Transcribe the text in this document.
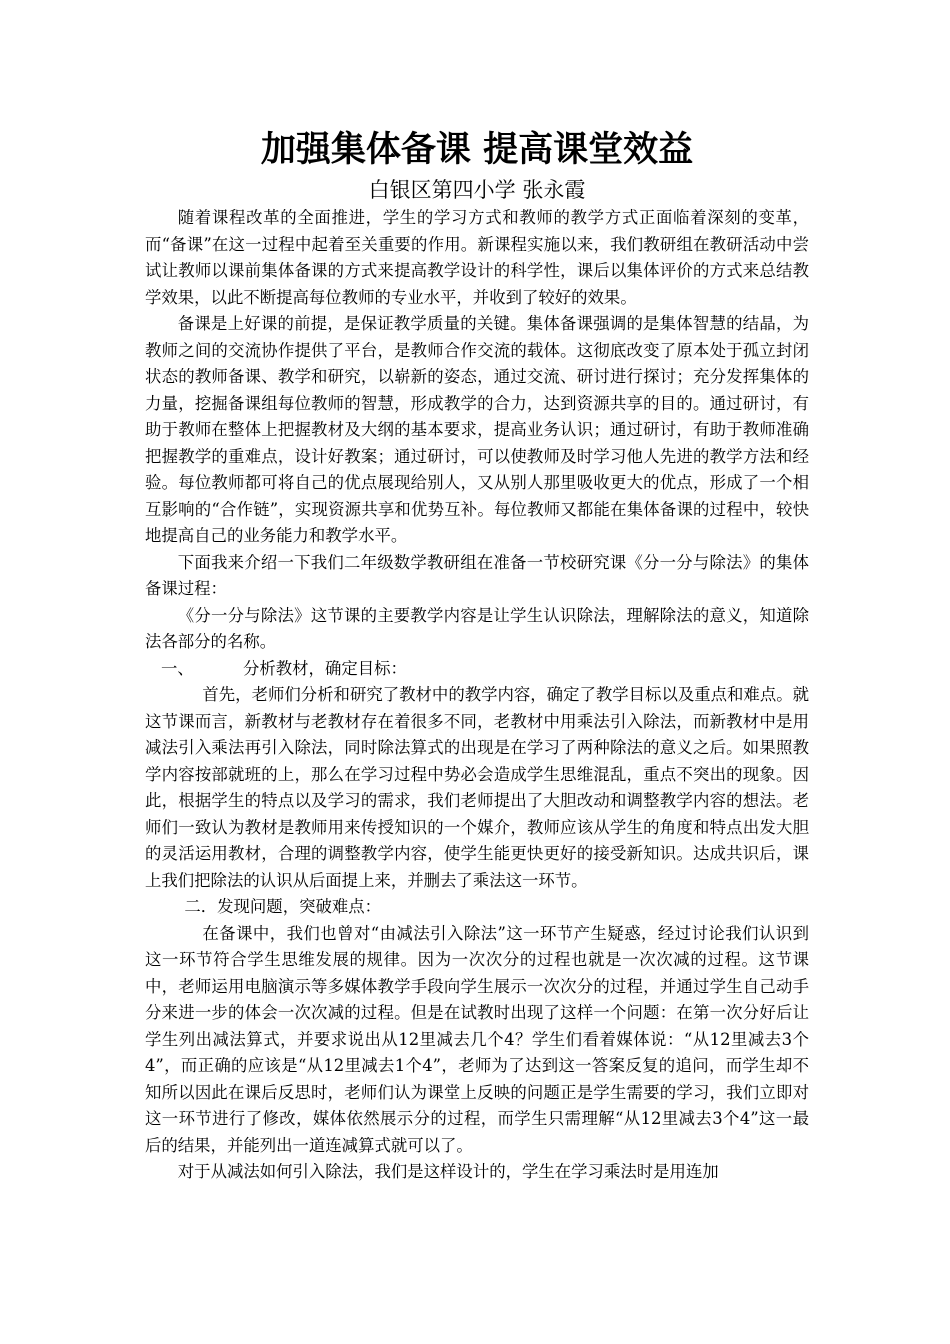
加强集体备课 提高课堂效益

白银区第四小学 张永霞

随着课程改革的全面推进，学生的学习方式和教师的教学方式正面临着深刻的变革，而“备课”在这一过程中起着至关重要的作用。新课程实施以来，我们教研组在教研活动中尝试让教师以课前集体备课的方式来提高教学设计的科学性，课后以集体评价的方式来总结教学效果，以此不断提高每位教师的专业水平，并收到了较好的效果。

备课是上好课的前提，是保证教学质量的关键。集体备课强调的是集体智慧的结晶，为教师之间的交流协作提供了平台，是教师合作交流的载体。这彻底改变了原本处于孤立封闭状态的教师备课、教学和研究，以崭新的姿态，通过交流、研讨进行探讨；充分发挥集体的力量，挖掘备课组每位教师的智慧，形成教学的合力，达到资源共享的目的。通过研讨，有助于教师在整体上把握教材及大纲的基本要求，提高业务认识；通过研讨，有助于教师准确把握教学的重难点，设计好教案；通过研讨，可以使教师及时学习他人先进的教学方法和经验。每位教师都可将自己的优点展现给别人，又从别人那里吸收更大的优点，形成了一个相互影响的“合作链”，实现资源共享和优势互补。每位教师又都能在集体备课的过程中，较快地提高自己的业务能力和教学水平。

下面我来介绍一下我们二年级数学教研组在准备一节校研究课《分一分与除法》的集体备课过程：

《分一分与除法》这节课的主要教学内容是让学生认识除法，理解除法的意义，知道除法各部分的名称。

一、	分析教材，确定目标：

首先，老师们分析和研究了教材中的教学内容，确定了教学目标以及重点和难点。就这节课而言，新教材与老教材存在着很多不同，老教材中用乘法引入除法，而新教材中是用减法引入乘法再引入除法，同时除法算式的出现是在学习了两种除法的意义之后。如果照教学内容按部就班的上，那么在学习过程中势必会造成学生思维混乱，重点不突出的现象。因此，根据学生的特点以及学习的需求，我们老师提出了大胆改动和调整教学内容的想法。老师们一致认为教材是教师用来传授知识的一个媒介，教师应该从学生的角度和特点出发大胆的灵活运用教材，合理的调整教学内容，使学生能更快更好的接受新知识。达成共识后，课上我们把除法的认识从后面提上来，并删去了乘法这一环节。

二．发现问题，突破难点：

在备课中，我们也曾对“由减法引入除法”这一环节产生疑惑，经过讨论我们认识到这一环节符合学生思维发展的规律。因为一次次分的过程也就是一次次减的过程。这节课中，老师运用电脑演示等多媒体教学手段向学生展示一次次分的过程，并通过学生自己动手分来进一步的体会一次次减的过程。但是在试教时出现了这样一个问题：在第一次分好后让学生列出减法算式，并要求说出从12里减去几个4？学生们看着媒体说：“从12里减去3个4”，而正确的应该是“从12里减去1个4”，老师为了达到这一答案反复的追问，而学生却不知所以因此在课后反思时，老师们认为课堂上反映的问题正是学生需要的学习，我们立即对这一环节进行了修改，媒体依然展示分的过程，而学生只需理解“从12里减去3个4”这一最后的结果，并能列出一道连减算式就可以了。

对于从减法如何引入除法，我们是这样设计的，学生在学习乘法时是用连加
